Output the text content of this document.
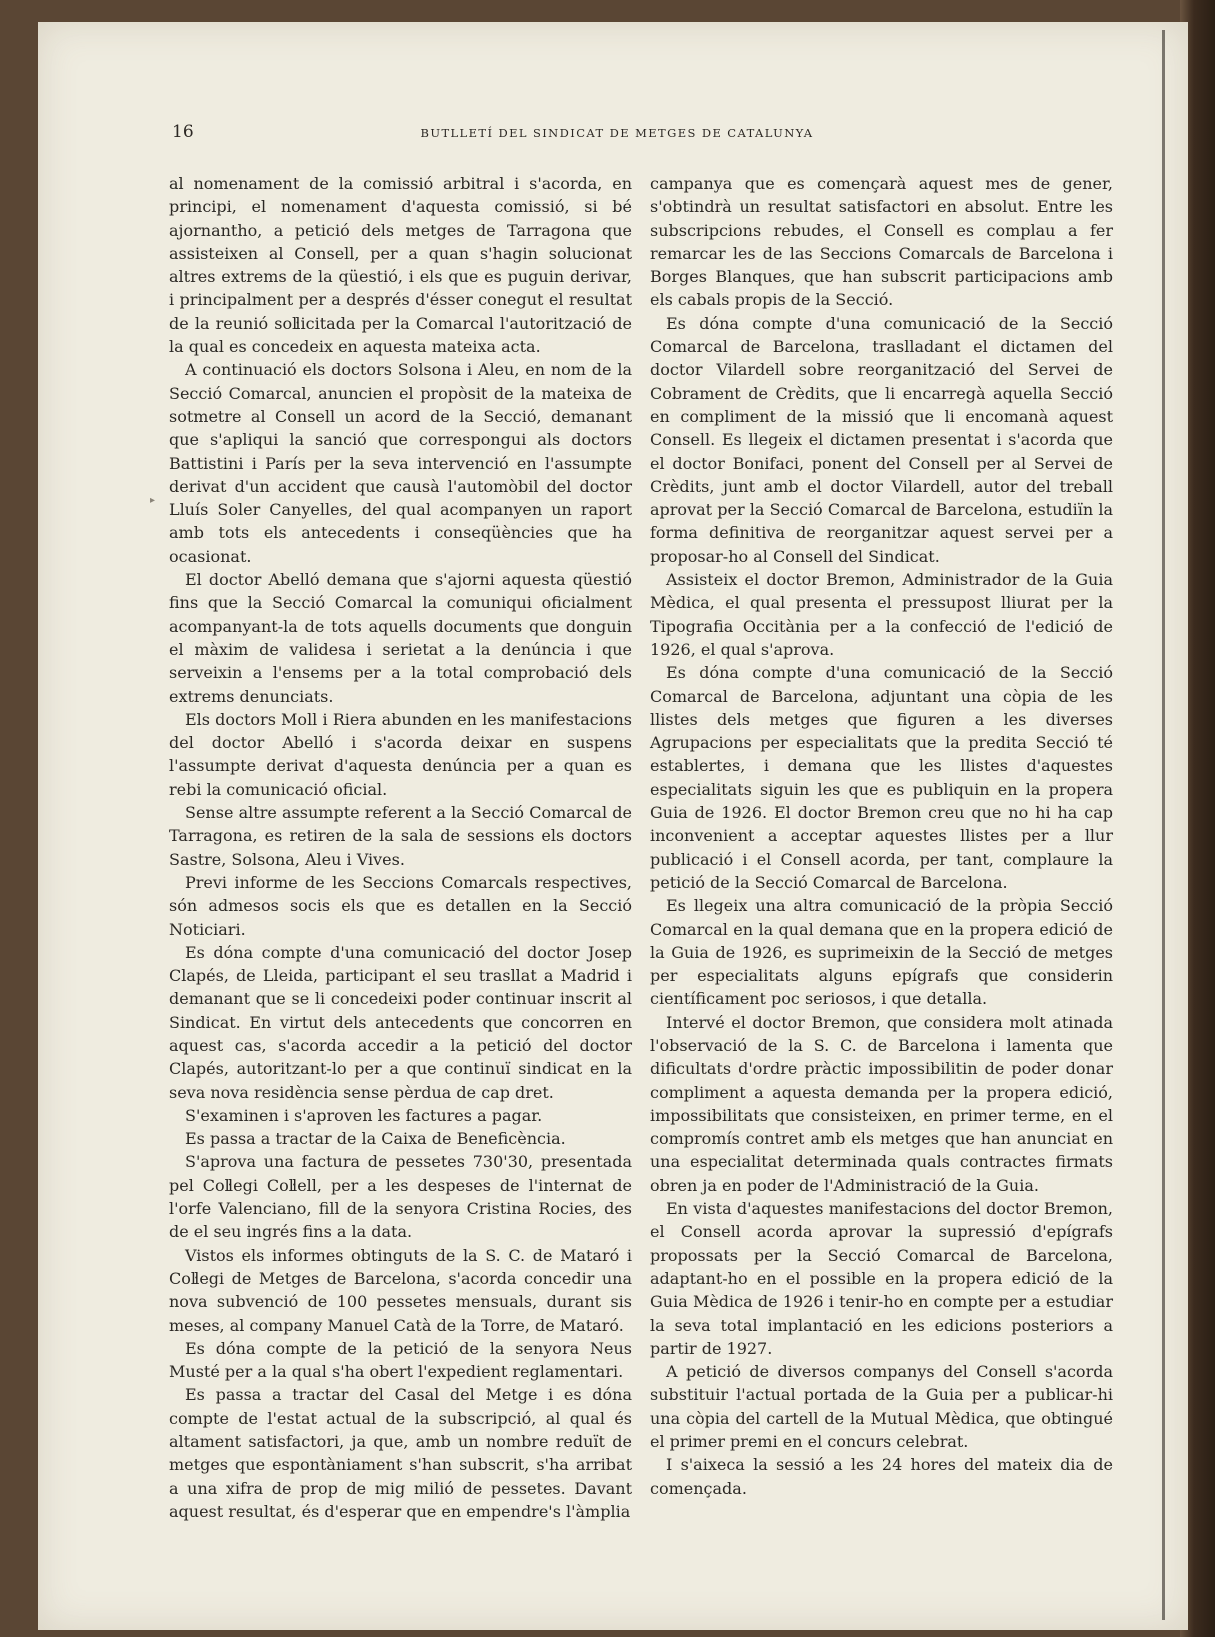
16	BUTLLETÍ DEL SINDICAT DE METGES DE CATALUNYA

al nomenament de la comissió arbitral i s'acorda, en principi, el nomenament d'aquesta comissió, si bé ajornantho, a petició dels metges de Tarragona que assisteixen al Consell, per a quan s'hagin solucionat altres extrems de la qüestió, i els que es puguin derivar, i principalment per a després d'ésser conegut el resultat de la reunió soŀlicitada per la Comarcal l'autorització de la qual es concedeix en aquesta mateixa acta.

A continuació els doctors Solsona i Aleu, en nom de la Secció Comarcal, anuncien el propòsit de la mateixa de sotmetre al Consell un acord de la Secció, demanant que s'apliqui la sanció que correspongui als doctors Battistini i París per la seva intervenció en l'assumpte derivat d'un accident que causà l'automòbil del doctor Lluís Soler Canyelles, del qual acompanyen un raport amb tots els antecedents i conseqüències que ha ocasionat.

El doctor Abelló demana que s'ajorni aquesta qüestió fins que la Secció Comarcal la comuniqui oficialment acompanyant-la de tots aquells documents que donguin el màxim de validesa i serietat a la denúncia i que serveixin a l'ensems per a la total comprobació dels extrems denunciats.

Els doctors Moll i Riera abunden en les manifestacions del doctor Abelló i s'acorda deixar en suspens l'assumpte derivat d'aquesta denúncia per a quan es rebi la comunicació oficial.

Sense altre assumpte referent a la Secció Comarcal de Tarragona, es retiren de la sala de sessions els doctors Sastre, Solsona, Aleu i Vives.

Previ informe de les Seccions Comarcals respectives, són admesos socis els que es detallen en la Secció Noticiari.

Es dóna compte d'una comunicació del doctor Josep Clapés, de Lleida, participant el seu trasllat a Madrid i demanant que se li concedeixi poder continuar inscrit al Sindicat. En virtut dels antecedents que concorren en aquest cas, s'acorda accedir a la petició del doctor Clapés, autoritzant-lo per a que continuï sindicat en la seva nova residència sense pèrdua de cap dret.

S'examinen i s'aproven les factures a pagar.

Es passa a tractar de la Caixa de Beneficència.

S'aprova una factura de pessetes 730'30, presentada pel Coŀlegi Coŀlell, per a les despeses de l'internat de l'orfe Valenciano, fill de la senyora Cristina Rocies, des de el seu ingrés fins a la data.

Vistos els informes obtinguts de la S. C. de Mataró i Coŀlegi de Metges de Barcelona, s'acorda concedir una nova subvenció de 100 pessetes mensuals, durant sis meses, al company Manuel Catà de la Torre, de Mataró.

Es dóna compte de la petició de la senyora Neus Musté per a la qual s'ha obert l'expedient reglamentari.

Es passa a tractar del Casal del Metge i es dóna compte de l'estat actual de la subscripció, al qual és altament satisfactori, ja que, amb un nombre reduït de metges que espontàniament s'han subscrit, s'ha arribat a una xifra de prop de mig milió de pessetes. Davant aquest resultat, és d'esperar que en empendre's l'àmplia

campanya que es començarà aquest mes de gener, s'obtindrà un resultat satisfactori en absolut. Entre les subscripcions rebudes, el Consell es complau a fer remarcar les de las Seccions Comarcals de Barcelona i Borges Blanques, que han subscrit participacions amb els cabals propis de la Secció.

Es dóna compte d'una comunicació de la Secció Comarcal de Barcelona, traslladant el dictamen del doctor Vilardell sobre reorganització del Servei de Cobrament de Crèdits, que li encarregà aquella Secció en compliment de la missió que li encomanà aquest Consell. Es llegeix el dictamen presentat i s'acorda que el doctor Bonifaci, ponent del Consell per al Servei de Crèdits, junt amb el doctor Vilardell, autor del treball aprovat per la Secció Comarcal de Barcelona, estudiïn la forma definitiva de reorganitzar aquest servei per a proposar-ho al Consell del Sindicat.

Assisteix el doctor Bremon, Administrador de la Guia Mèdica, el qual presenta el pressupost lliurat per la Tipografia Occitània per a la confecció de l'edició de 1926, el qual s'aprova.

Es dóna compte d'una comunicació de la Secció Comarcal de Barcelona, adjuntant una còpia de les llistes dels metges que figuren a les diverses Agrupacions per especialitats que la predita Secció té establertes, i demana que les llistes d'aquestes especialitats siguin les que es publiquin en la propera Guia de 1926. El doctor Bremon creu que no hi ha cap inconvenient a acceptar aquestes llistes per a llur publicació i el Consell acorda, per tant, complaure la petició de la Secció Comarcal de Barcelona.

Es llegeix una altra comunicació de la pròpia Secció Comarcal en la qual demana que en la propera edició de la Guia de 1926, es suprimeixin de la Secció de metges per especialitats alguns epígrafs que considerin científicament poc seriosos, i que detalla.

Intervé el doctor Bremon, que considera molt atinada l'observació de la S. C. de Barcelona i lamenta que dificultats d'ordre pràctic impossibilitin de poder donar compliment a aquesta demanda per la propera edició, impossibilitats que consisteixen, en primer terme, en el compromís contret amb els metges que han anunciat en una especialitat determinada quals contractes firmats obren ja en poder de l'Administració de la Guia.

En vista d'aquestes manifestacions del doctor Bremon, el Consell acorda aprovar la supressió d'epígrafs propossats per la Secció Comarcal de Barcelona, adaptant-ho en el possible en la propera edició de la Guia Mèdica de 1926 i tenir-ho en compte per a estudiar la seva total implantació en les edicions posteriors a partir de 1927.

A petició de diversos companys del Consell s'acorda substituir l'actual portada de la Guia per a publicar-hi una còpia del cartell de la Mutual Mèdica, que obtingué el primer premi en el concurs celebrat.

I s'aixeca la sessió a les 24 hores del mateix dia de començada.

▸
